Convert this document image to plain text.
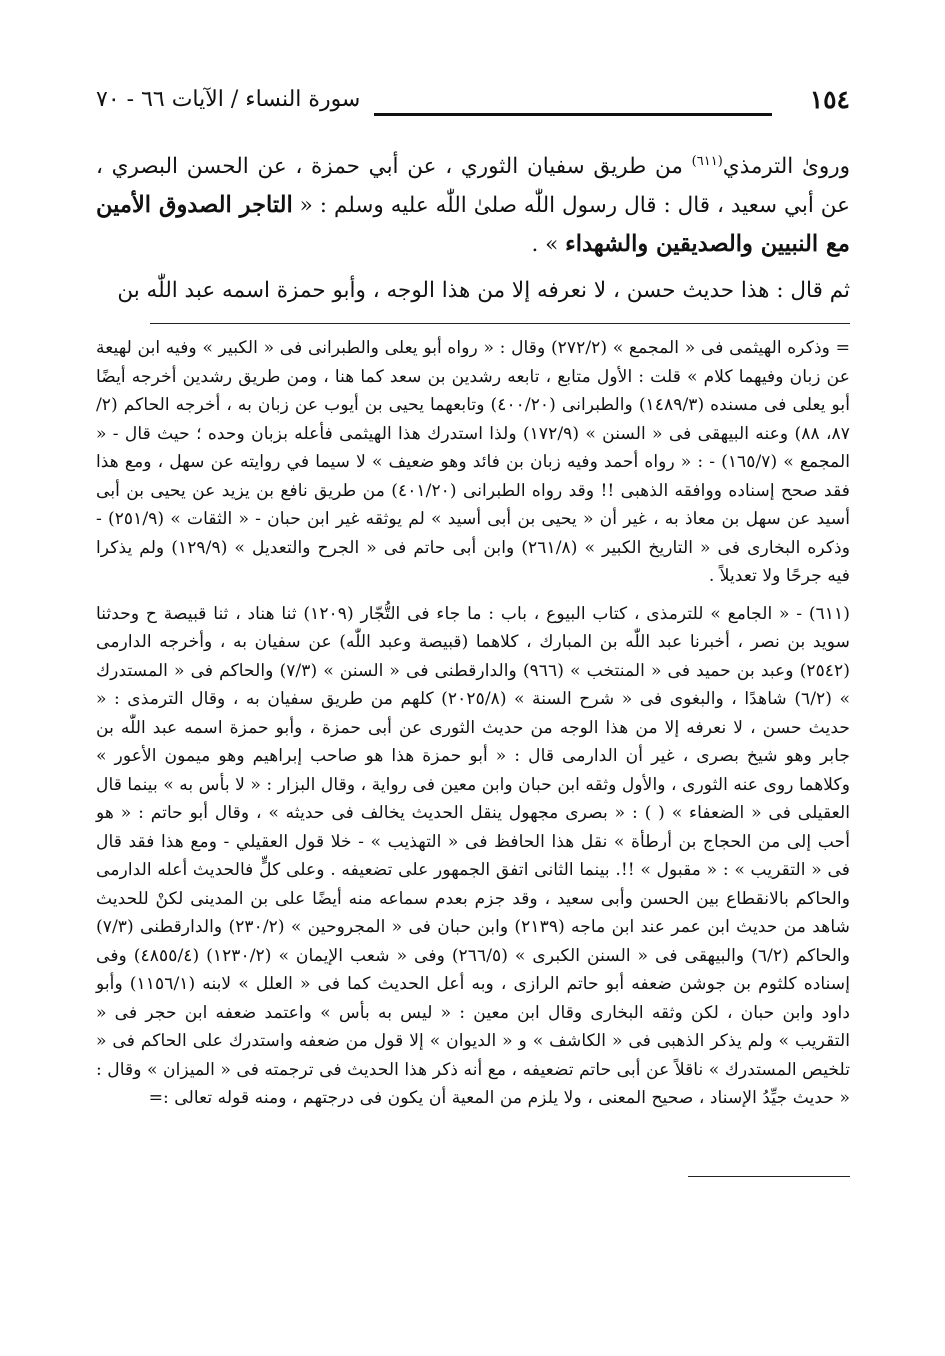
١٥٤
سورة النساء / الآيات ٦٦ - ٧٠

وروىٰ الترمذي$^{(٦١١)}$ من طريق سفيان الثوري ، عن أبي حمزة ، عن الحسن البصري ، عن أبي سعيد ، قال : قال رسول اللّٰه صلىٰ اللّٰه عليه وسلم : « التاجر الصدوق الأمين مع النبيين والصديقين والشهداء » .

ثم قال : هذا حديث حسن ، لا نعرفه إلا من هذا الوجه ، وأبو حمزة اسمه عبد اللّٰه بن

= وذكره الهيثمى فى « المجمع » (٢٧٢/٢) وقال : « رواه أبو يعلى والطبرانى فى « الكبير » وفيه ابن لهيعة عن زبان وفيهما كلام » قلت : الأول متابع ، تابعه رشدين بن سعد كما هنا ، ومن طريق رشدين أخرجه أيضًا أبو يعلى فى مسنده (١٤٨٩/٣) والطبرانى (٤٠٠/٢٠) وتابعهما يحيى بن أيوب عن زبان به ، أخرجه الحاكم (٢/ ٨٧، ٨٨) وعنه البيهقى فى « السنن » (١٧٢/٩) ولذا استدرك هذا الهيثمى فأعله بزبان وحده ؛ حيث قال - « المجمع » (١٦٥/٧) - : « رواه أحمد وفيه زبان بن فائد وهو ضعيف » لا سيما في روايته عن سهل ، ومع هذا فقد صحح إسناده ووافقه الذهبى !! وقد رواه الطبرانى (٤٠١/٢٠) من طريق نافع بن يزيد عن يحيى بن أبى أسيد عن سهل بن معاذ به ، غير أن « يحيى بن أبى أسيد » لم يوثقه غير ابن حبان - « الثقات » (٢٥١/٩) - وذكره البخارى فى « التاريخ الكبير » (٢٦١/٨) وابن أبى حاتم فى « الجرح والتعديل » (١٢٩/٩) ولم يذكرا فيه جرحًا ولا تعديلاً .

(٦١١) - « الجامع » للترمذى ، كتاب البيوع ، باب : ما جاء فى التُّجّار (١٢٠٩) ثنا هناد ، ثنا قبيصة ح وحدثنا سويد بن نصر ، أخبرنا عبد اللّٰه بن المبارك ، كلاهما (قبيصة وعبد اللّٰه) عن سفيان به ، وأخرجه الدارمى (٢٥٤٢) وعبد بن حميد فى « المنتخب » (٩٦٦) والدارقطنى فى « السنن » (٧/٣) والحاكم فى « المستدرك » (٦/٢) شاهدًا ، والبغوى فى « شرح السنة » (٢٠٢٥/٨) كلهم من طريق سفيان به ، وقال الترمذى : « حديث حسن ، لا نعرفه إلا من هذا الوجه من حديث الثورى عن أبى حمزة ، وأبو حمزة اسمه عبد اللّٰه بن جابر وهو شيخ بصرى ، غير أن الدارمى قال : « أبو حمزة هذا هو صاحب إبراهيم وهو ميمون الأعور » وكلاهما روى عنه الثورى ، والأول وثقه ابن حبان وابن معين فى رواية ، وقال البزار : « لا بأس به » بينما قال العقيلى فى « الضعفاء » ( ) : « بصرى مجهول ينقل الحديث يخالف فى حديثه » ، وقال أبو حاتم : « هو أحب إلى من الحجاج بن أرطأة » نقل هذا الحافظ فى « التهذيب » - خلا قول العقيلي - ومع هذا فقد قال فى « التقريب » : « مقبول » !!. بينما الثانى اتفق الجمهور على تضعيفه . وعلى كلٍّ فالحديث أعله الدارمى والحاكم بالانقطاع بين الحسن وأبى سعيد ، وقد جزم بعدم سماعه منه أيضًا على بن المدينى لكنْ للحديث شاهد من حديث ابن عمر عند ابن ماجه (٢١٣٩) وابن حبان فى « المجروحين » (٢٣٠/٢) والدارقطنى (٧/٣) والحاكم (٦/٢) والبيهقى فى « السنن الكبرى » (٢٦٦/٥) وفى « شعب الإيمان » (١٢٣٠/٢) (٤٨٥٥/٤) وفى إسناده كلثوم بن جوشن ضعفه أبو حاتم الرازى ، وبه أعل الحديث كما فى « العلل » لابنه (١١٥٦/١) وأبو داود وابن حبان ، لكن وثقه البخارى وقال ابن معين : « ليس به بأس » واعتمد ضعفه ابن حجر فى « التقريب » ولم يذكر الذهبى فى « الكاشف » و « الديوان » إلا قول من ضعفه واستدرك على الحاكم فى « تلخيص المستدرك » ناقلاً عن أبى حاتم تضعيفه ، مع أنه ذكر هذا الحديث فى ترجمته فى « الميزان » وقال : « حديث جيِّدُ الإسناد ، صحيح المعنى ، ولا يلزم من المعية أن يكون فى درجتهم ، ومنه قوله تعالى :=
